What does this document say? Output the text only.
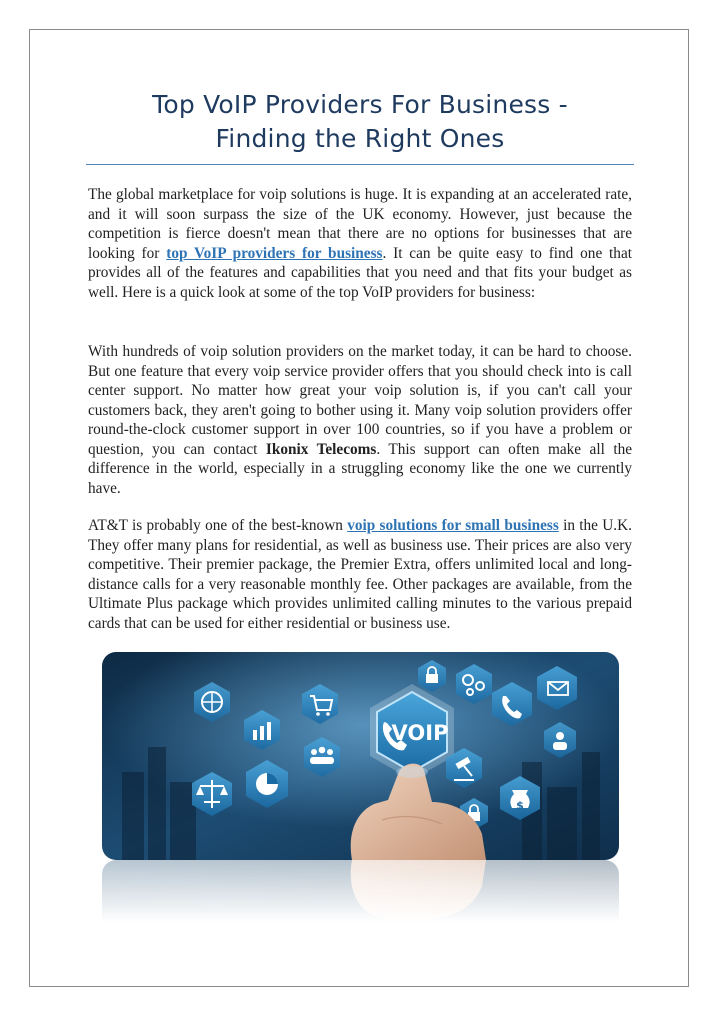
Top VoIP Providers For Business -
Finding the Right Ones

The global marketplace for voip solutions is huge. It is expanding at an accelerated rate, and it will soon surpass the size of the UK economy. However, just because the competition is fierce doesn't mean that there are no options for businesses that are looking for top VoIP providers for business. It can be quite easy to find one that provides all of the features and capabilities that you need and that fits your budget as well. Here is a quick look at some of the top VoIP providers for business:

With hundreds of voip solution providers on the market today, it can be hard to choose. But one feature that every voip service provider offers that you should check into is call center support. No matter how great your voip solution is, if you can't call your customers back, they aren't going to bother using it. Many voip solution providers offer round-the-clock customer support in over 100 countries, so if you have a problem or question, you can contact Ikonix Telecoms. This support can often make all the difference in the world, especially in a struggling economy like the one we currently have.

AT&T is probably one of the best-known voip solutions for small business in the U.K. They offer many plans for residential, as well as business use. Their prices are also very competitive. Their premier package, the Premier Extra, offers unlimited local and long-distance calls for a very reasonable monthly fee. Other packages are available, from the Ultimate Plus package which provides unlimited calling minutes to the various prepaid cards that can be used for either residential or business use.

VOIP
$
